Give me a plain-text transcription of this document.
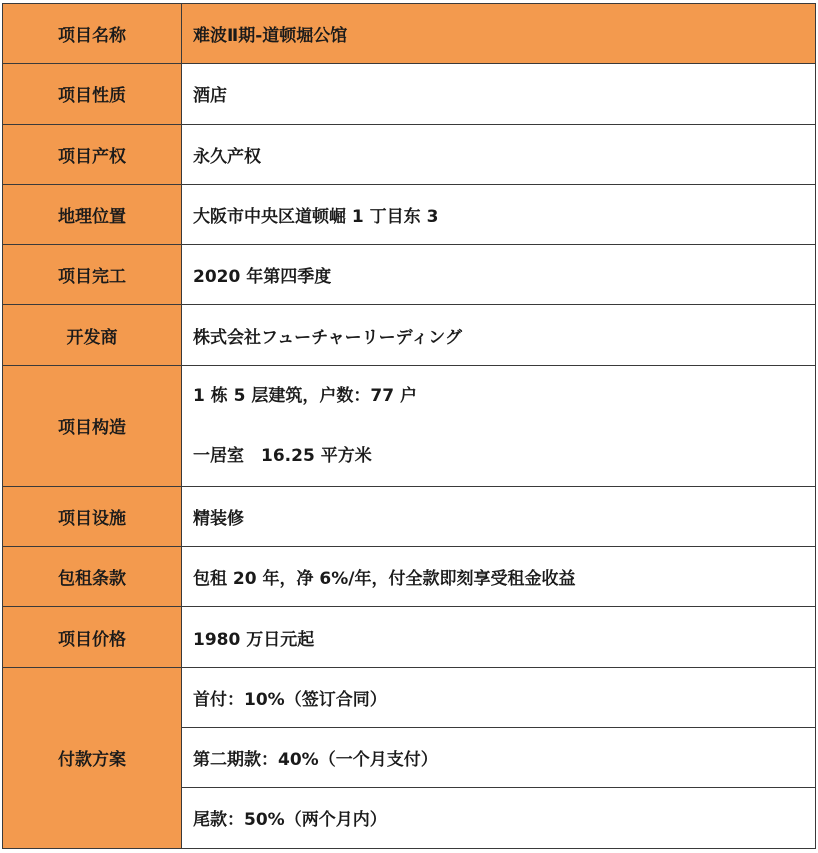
项目名称	难波Ⅱ期-道顿堀公馆
项目性质	酒店
项目产权	永久产权
地理位置	大阪市中央区道顿崛 1 丁目东 3
项目完工	2020 年第四季度
开发商	株式会社フューチャーリーディング
项目构造	1 栋 5 层建筑，户数：77 户
一居室　16.25 平方米

项目设施	精装修
包租条款	包租 20 年，净 6%/年，付全款即刻享受租金收益
项目价格	1980 万日元起
付款方案	首付：10%（签订合同）
	第二期款：40%（一个月支付）
	尾款：50%（两个月内）
